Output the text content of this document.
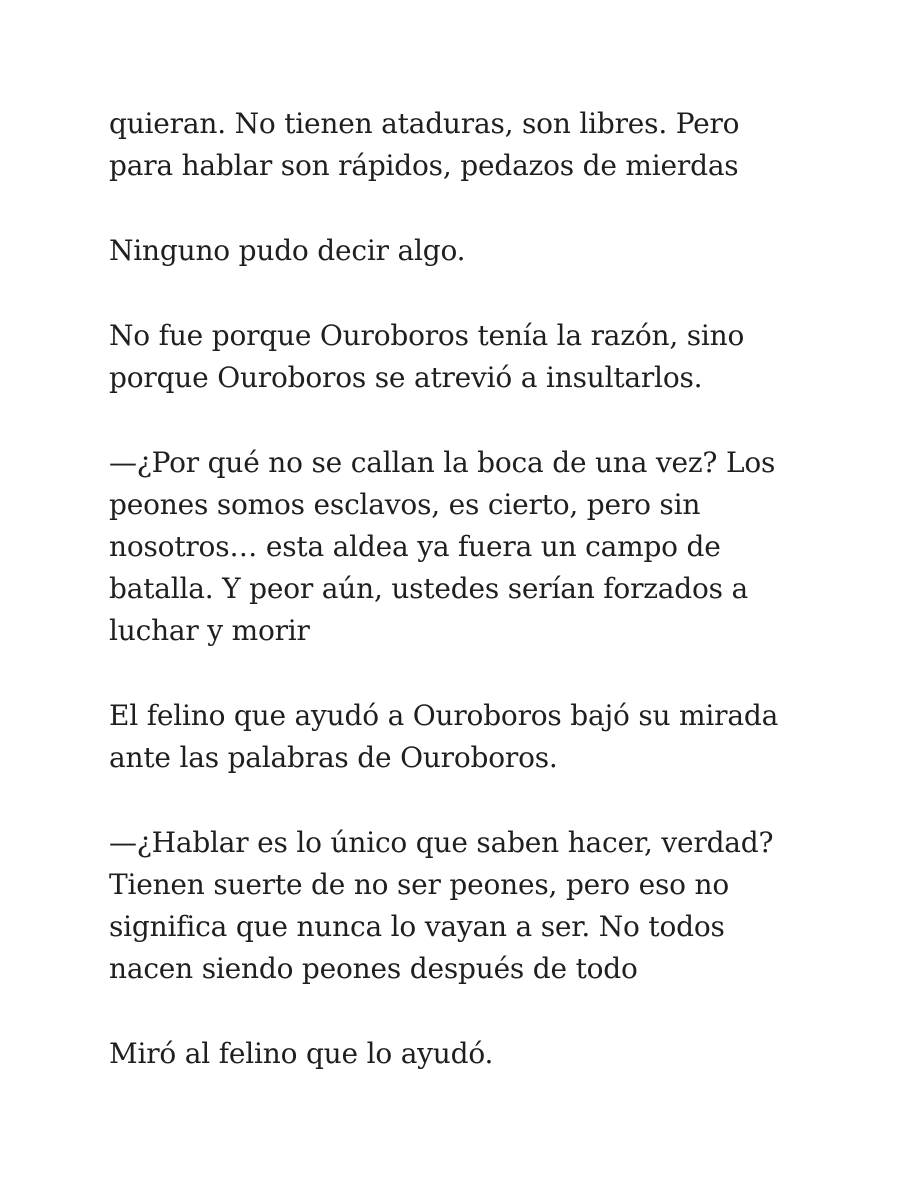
quieran. No tienen ataduras, son libres. Pero
para hablar son rápidos, pedazos de mierdas

Ninguno pudo decir algo.

No fue porque Ouroboros tenía la razón, sino
porque Ouroboros se atrevió a insultarlos.

—¿Por qué no se callan la boca de una vez? Los
peones somos esclavos, es cierto, pero sin
nosotros… esta aldea ya fuera un campo de
batalla. Y peor aún, ustedes serían forzados a
luchar y morir

El felino que ayudó a Ouroboros bajó su mirada
ante las palabras de Ouroboros.

—¿Hablar es lo único que saben hacer, verdad?
Tienen suerte de no ser peones, pero eso no
significa que nunca lo vayan a ser. No todos
nacen siendo peones después de todo

Miró al felino que lo ayudó.
